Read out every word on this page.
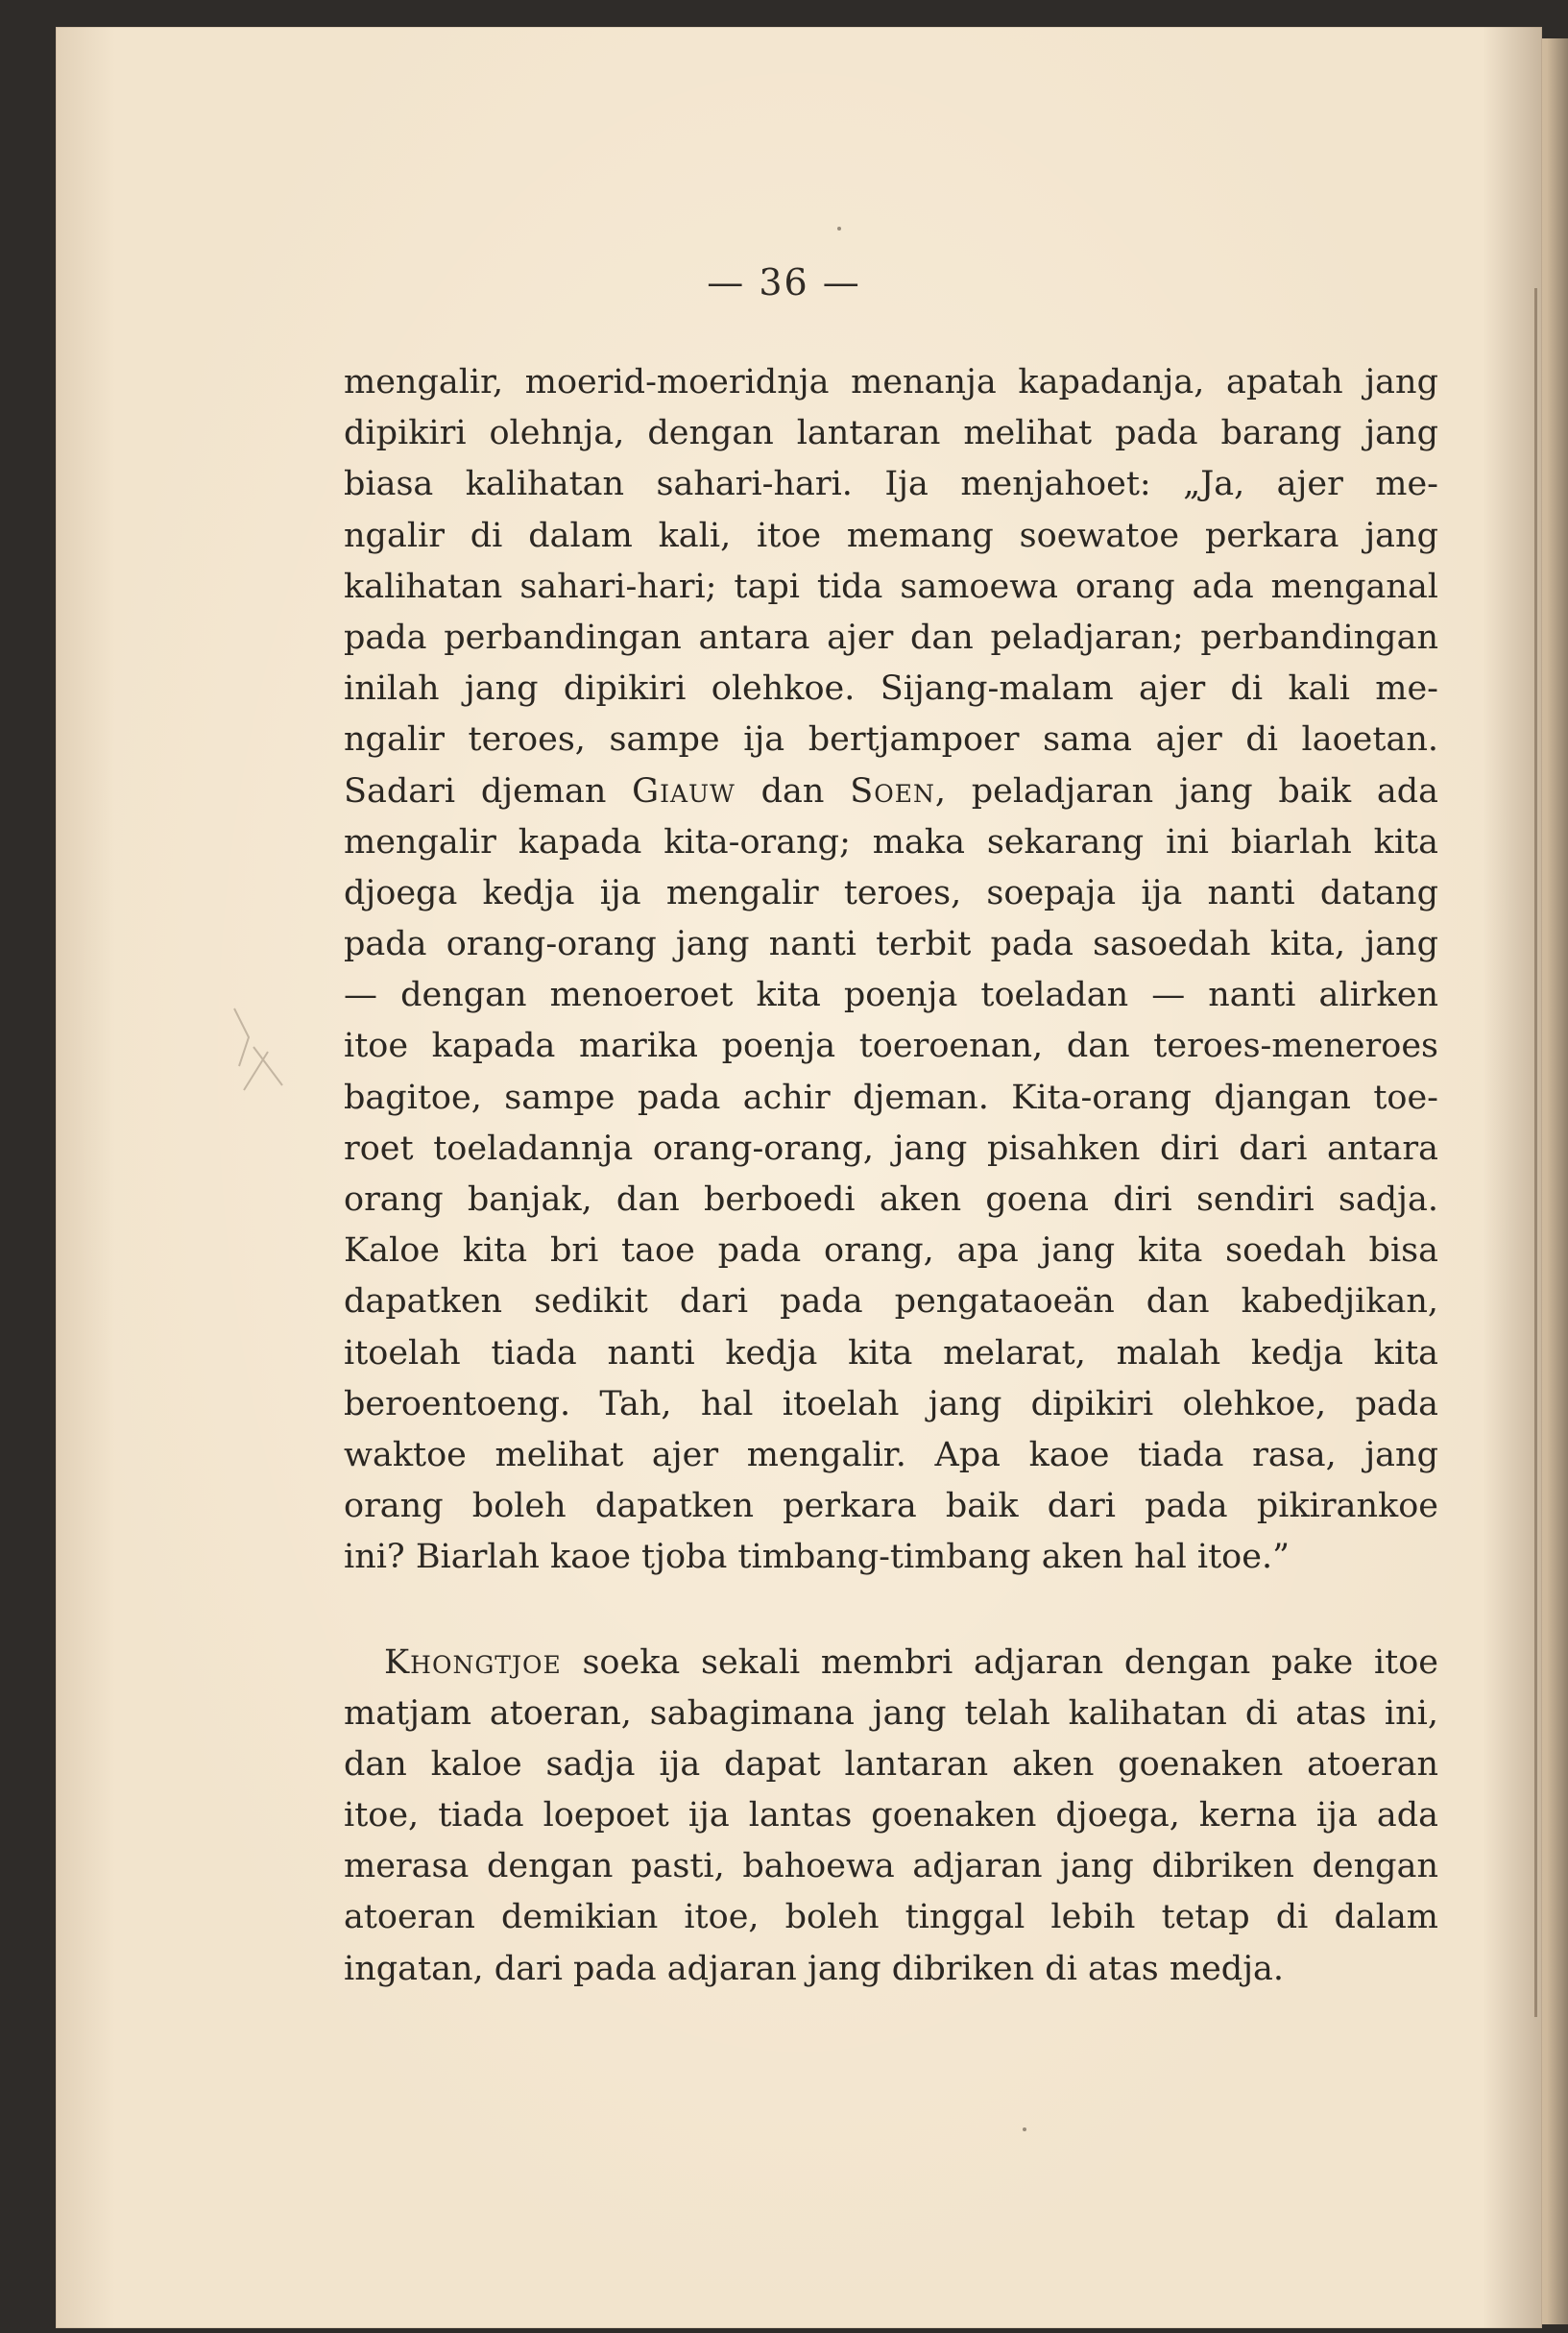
— 36 —
mengalir, moerid-moeridnja menanja kapadanja, apatah jang
dipikiri olehnja, dengan lantaran melihat pada barang jang
biasa kalihatan sahari-hari. Ija menjahoet: „Ja, ajer me-
ngalir di dalam kali, itoe memang soewatoe perkara jang
kalihatan sahari-hari; tapi tida samoewa orang ada menganal
pada perbandingan antara ajer dan peladjaran; perbandingan
inilah jang dipikiri olehkoe. Sijang-malam ajer di kali me-
ngalir teroes, sampe ija bertjampoer sama ajer di laoetan.
Sadari djeman Giauw dan Soen, peladjaran jang baik ada
mengalir kapada kita-orang; maka sekarang ini biarlah kita
djoega kedja ija mengalir teroes, soepaja ija nanti datang
pada orang-orang jang nanti terbit pada sasoedah kita, jang
— dengan menoeroet kita poenja toeladan — nanti alirken
itoe kapada marika poenja toeroenan, dan teroes-meneroes
bagitoe, sampe pada achir djeman. Kita-orang djangan toe-
roet toeladannja orang-orang, jang pisahken diri dari antara
orang banjak, dan berboedi aken goena diri sendiri sadja.
Kaloe kita bri taoe pada orang, apa jang kita soedah bisa
dapatken sedikit dari pada pengataoeän dan kabedjikan,
itoelah tiada nanti kedja kita melarat, malah kedja kita
beroentoeng. Tah, hal itoelah jang dipikiri olehkoe, pada
waktoe melihat ajer mengalir. Apa kaoe tiada rasa, jang
orang boleh dapatken perkara baik dari pada pikirankoe
ini? Biarlah kaoe tjoba timbang-timbang aken hal itoe.”
Khongtjoe soeka sekali membri adjaran dengan pake itoe
matjam atoeran, sabagimana jang telah kalihatan di atas ini,
dan kaloe sadja ija dapat lantaran aken goenaken atoeran
itoe, tiada loepoet ija lantas goenaken djoega, kerna ija ada
merasa dengan pasti, bahoewa adjaran jang dibriken dengan
atoeran demikian itoe, boleh tinggal lebih tetap di dalam
ingatan, dari pada adjaran jang dibriken di atas medja.
